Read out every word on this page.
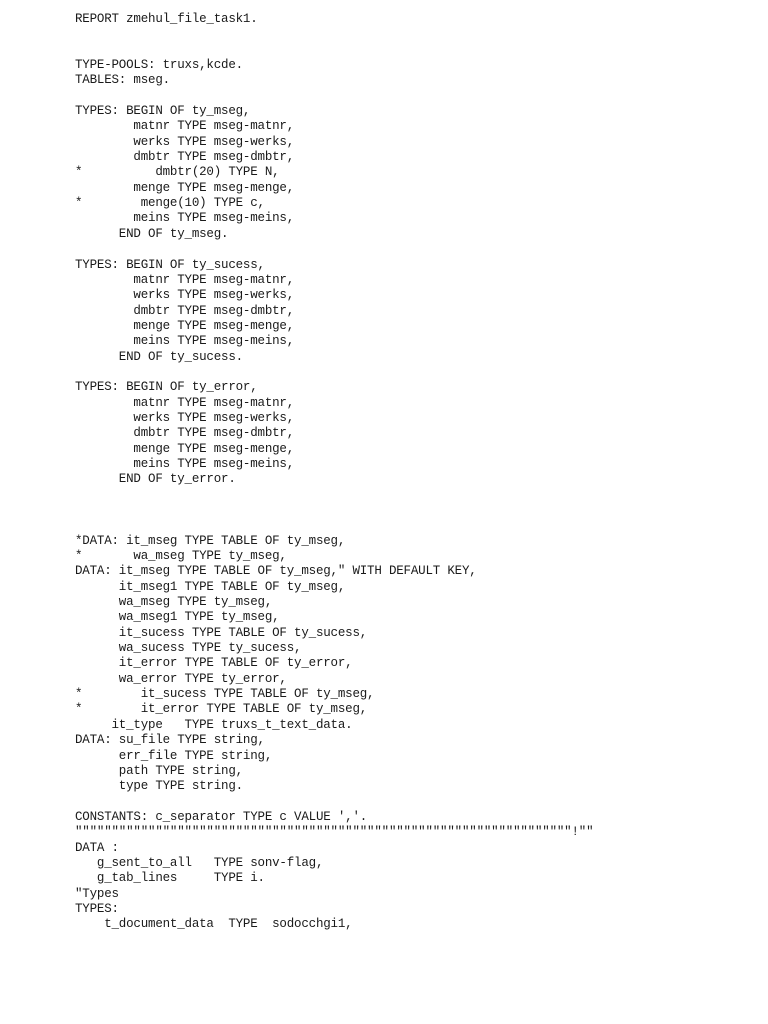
REPORT zmehul_file_task1.

TYPE-POOLS: truxs,kcde.
TABLES: mseg.

TYPES: BEGIN OF ty_mseg,
matnr TYPE mseg-matnr,
werks TYPE mseg-werks,
dmbtr TYPE mseg-dmbtr,
*          dmbtr(20) TYPE N,
menge TYPE mseg-menge,
*        menge(10) TYPE c,
meins TYPE mseg-meins,
END OF ty_mseg.

TYPES: BEGIN OF ty_sucess,
matnr TYPE mseg-matnr,
werks TYPE mseg-werks,
dmbtr TYPE mseg-dmbtr,
menge TYPE mseg-menge,
meins TYPE mseg-meins,
END OF ty_sucess.

TYPES: BEGIN OF ty_error,
matnr TYPE mseg-matnr,
werks TYPE mseg-werks,
dmbtr TYPE mseg-dmbtr,
menge TYPE mseg-menge,
meins TYPE mseg-meins,
END OF ty_error.

*DATA: it_mseg TYPE TABLE OF ty_mseg,
*       wa_mseg TYPE ty_mseg,
DATA: it_mseg TYPE TABLE OF ty_mseg," WITH DEFAULT KEY,
it_mseg1 TYPE TABLE OF ty_mseg,
wa_mseg TYPE ty_mseg,
wa_mseg1 TYPE ty_mseg,
it_sucess TYPE TABLE OF ty_sucess,
wa_sucess TYPE ty_sucess,
it_error TYPE TABLE OF ty_error,
wa_error TYPE ty_error,
*        it_sucess TYPE TABLE OF ty_mseg,
*        it_error TYPE TABLE OF ty_mseg,
it_type   TYPE truxs_t_text_data.
DATA: su_file TYPE string,
err_file TYPE string,
path TYPE string,
type TYPE string.

CONSTANTS: c_separator TYPE c VALUE ','.
""""""""""""""""""""""""""""""""""""""""""""""""""""""""""""""""""""!""
DATA :
g_sent_to_all   TYPE sonv-flag,
g_tab_lines     TYPE i.
"Types
TYPES:
t_document_data  TYPE  sodocchgi1,
